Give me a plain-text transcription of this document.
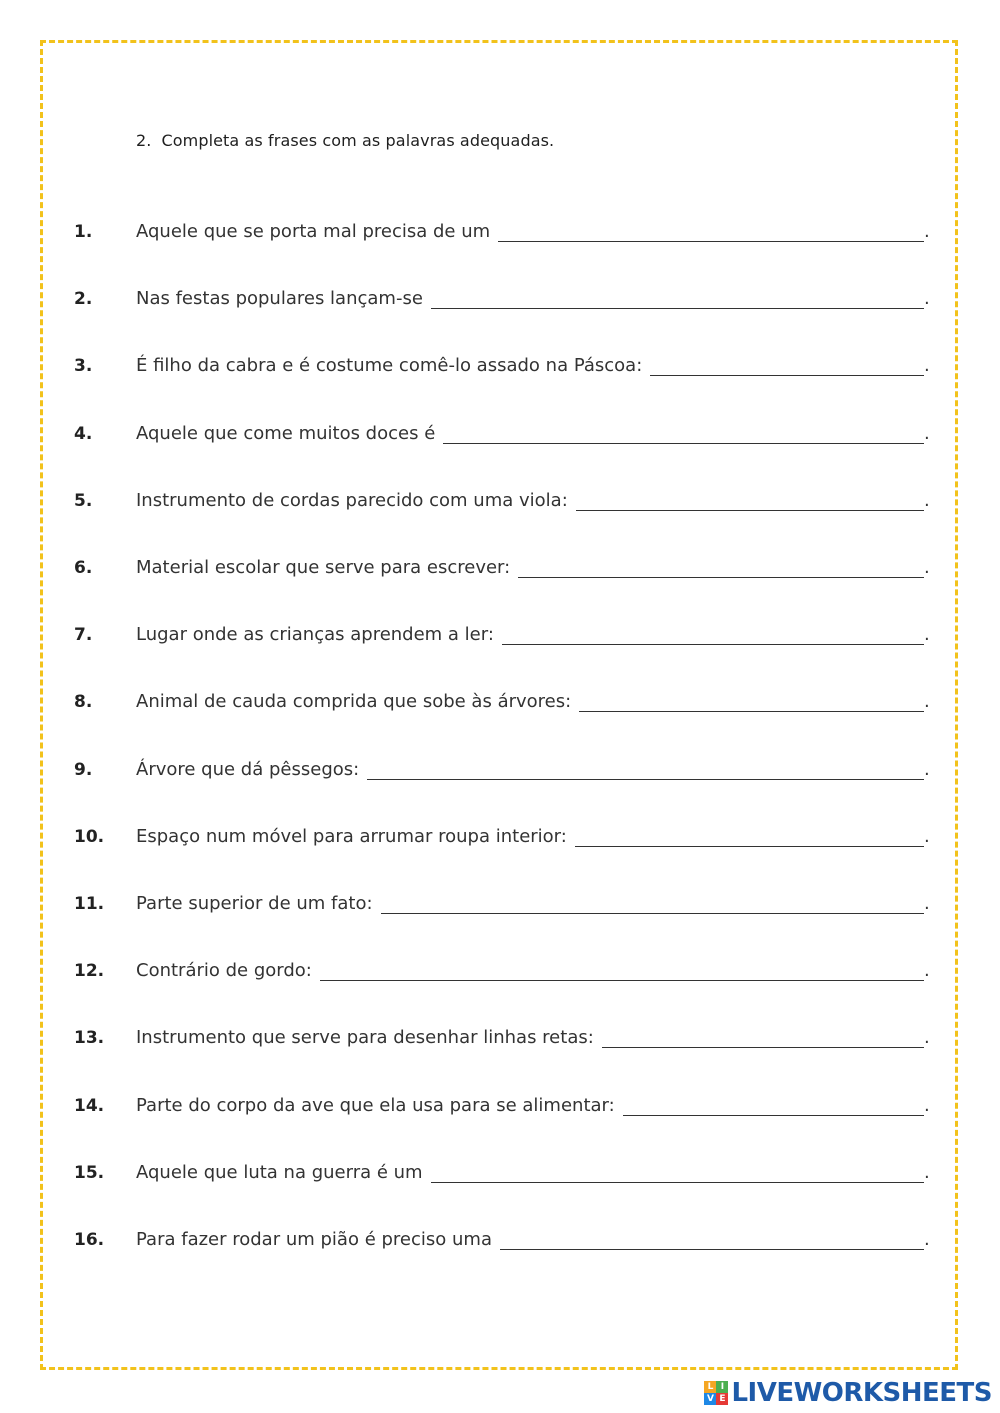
2. Completa as frases com as palavras adequadas.
1.	Aquele que se porta mal precisa de um	.
2.	Nas festas populares lançam-se	.
3.	É filho da cabra e é costume comê-lo assado na Páscoa:	.
4.	Aquele que come muitos doces é	.
5.	Instrumento de cordas parecido com uma viola:	.
6.	Material escolar que serve para escrever:	.
7.	Lugar onde as crianças aprendem a ler:	.
8.	Animal de cauda comprida que sobe às árvores:	.
9.	Árvore que dá pêssegos:	.
10.	Espaço num móvel para arrumar roupa interior:	.
11.	Parte superior de um fato:	.
12.	Contrário de gordo:	.
13.	Instrumento que serve para desenhar linhas retas:	.
14.	Parte do corpo da ave que ela usa para se alimentar:	.
15.	Aquele que luta na guerra é um	.
16.	Para fazer rodar um pião é preciso uma	.
L I
V E LIVEWORKSHEETS
